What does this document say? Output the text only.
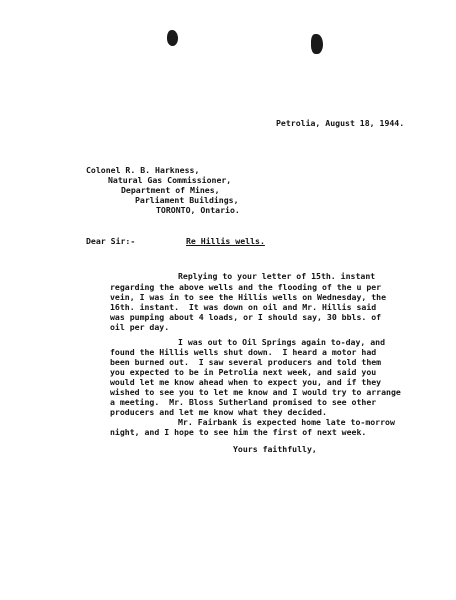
Petrolia, August 18, 1944.
Colonel R. B. Harkness,
Natural Gas Commissioner,
Department of Mines,
Parliament Buildings,
TORONTO, Ontario.
Dear Sir:-	Re Hillis wells.
Replying to your letter of 15th. instant
regarding the above wells and the flooding of the u per
vein, I was in to see the Hillis wells on Wednesday, the
16th. instant.  It was down on oil and Mr. Hillis said
was pumping about 4 loads, or I should say, 30 bbls. of
oil per day.
I was out to Oil Springs again to-day, and
found the Hillis wells shut down.  I heard a motor had
been burned out.  I saw several producers and told them
you expected to be in Petrolia next week, and said you
would let me know ahead when to expect you, and if they
wished to see you to let me know and I would try to arrange
a meeting.  Mr. Bloss Sutherland promised to see other
producers and let me know what they decided.
Mr. Fairbank is expected home late to-morrow
night, and I hope to see him the first of next week.
Yours faithfully,
